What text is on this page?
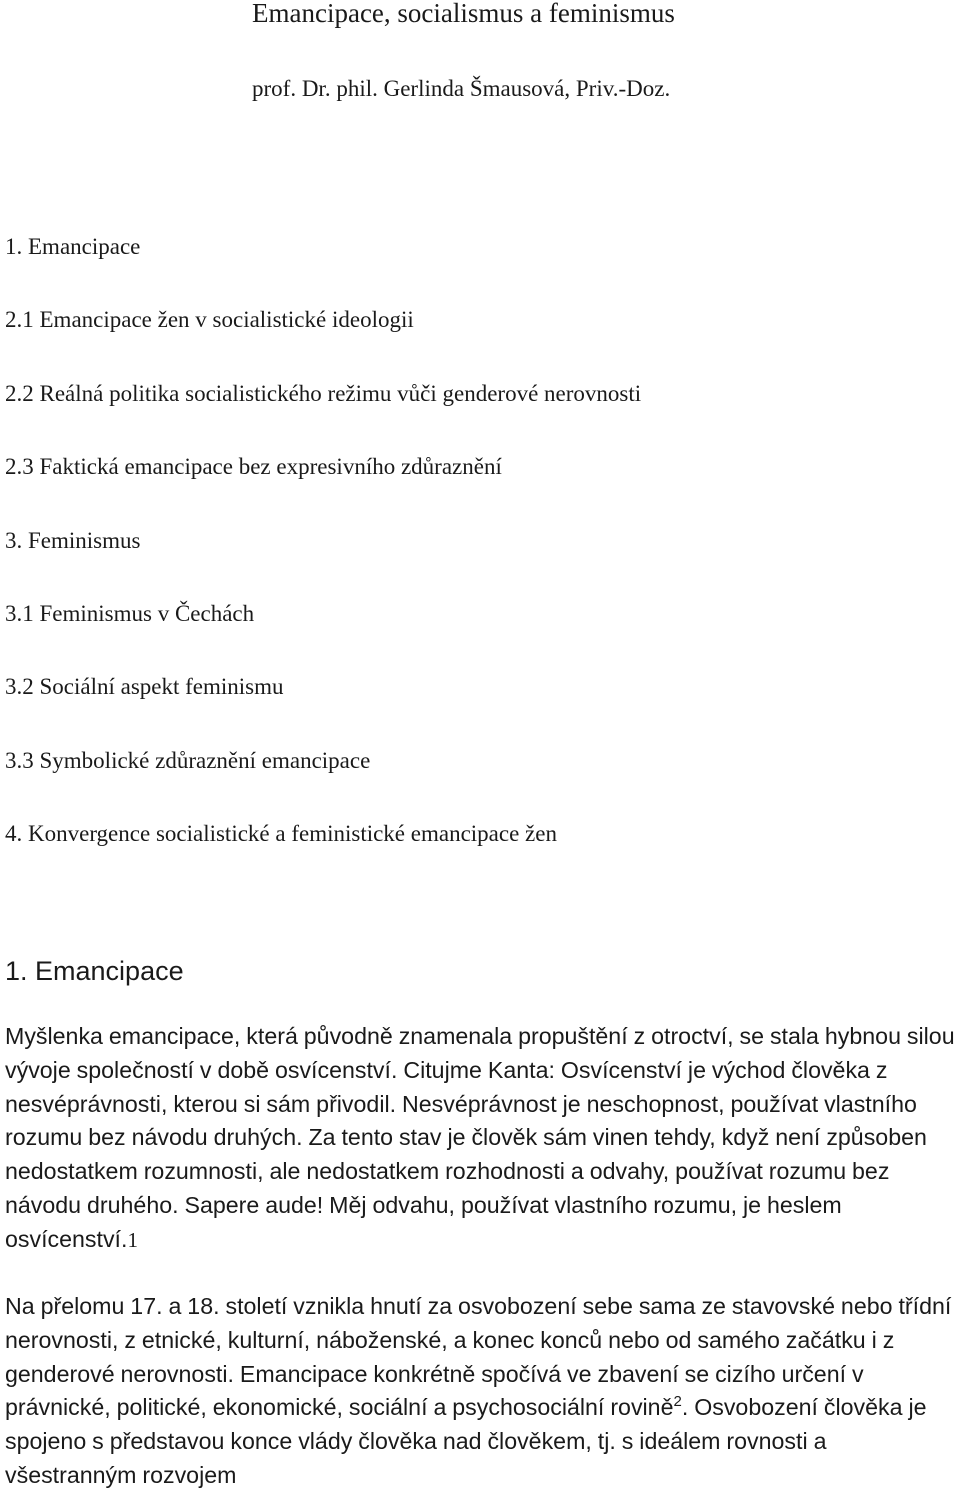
Emancipace, socialismus a feminismus
prof. Dr. phil. Gerlinda Šmausová, Priv.-Doz.
1. Emancipace
2.1 Emancipace žen v socialistické ideologii
2.2 Reálná politika socialistického režimu vůči genderové nerovnosti
2.3 Faktická emancipace bez expresivního zdůraznění
3. Feminismus
3.1 Feminismus v Čechách
3.2 Sociální aspekt feminismu
3.3 Symbolické zdůraznění emancipace
4. Konvergence socialistické a feministické emancipace žen
1. Emancipace

Myšlenka emancipace, která původně znamenala propuštění z otroctví, se stala hybnou silou vývoje společností v době osvícenství. Citujme Kanta: Osvícenství je východ člověka z nesvéprávnosti, kterou si sám přivodil. Nesvéprávnost je neschopnost, používat vlastního rozumu bez návodu druhých. Za tento stav je člověk sám vinen tehdy, když není způsoben nedostatkem rozumnosti, ale nedostatkem rozhodnosti a odvahy, používat rozumu bez návodu druhého. Sapere aude! Měj odvahu, používat vlastního rozumu, je heslem osvícenství.1

Na přelomu 17. a 18. století vznikla hnutí za osvobození sebe sama ze stavovské nebo třídní nerovnosti, z etnické, kulturní, náboženské, a konec konců nebo od samého začátku i z genderové nerovnosti. Emancipace konkrétně spočívá ve zbavení se cizího určení v právnické, politické, ekonomické, sociální a psychosociální rovině$^2$. Osvobození člověka je spojeno s představou konce vlády člověka nad člověkem, tj. s ideálem rovnosti a všestranným rozvojem
